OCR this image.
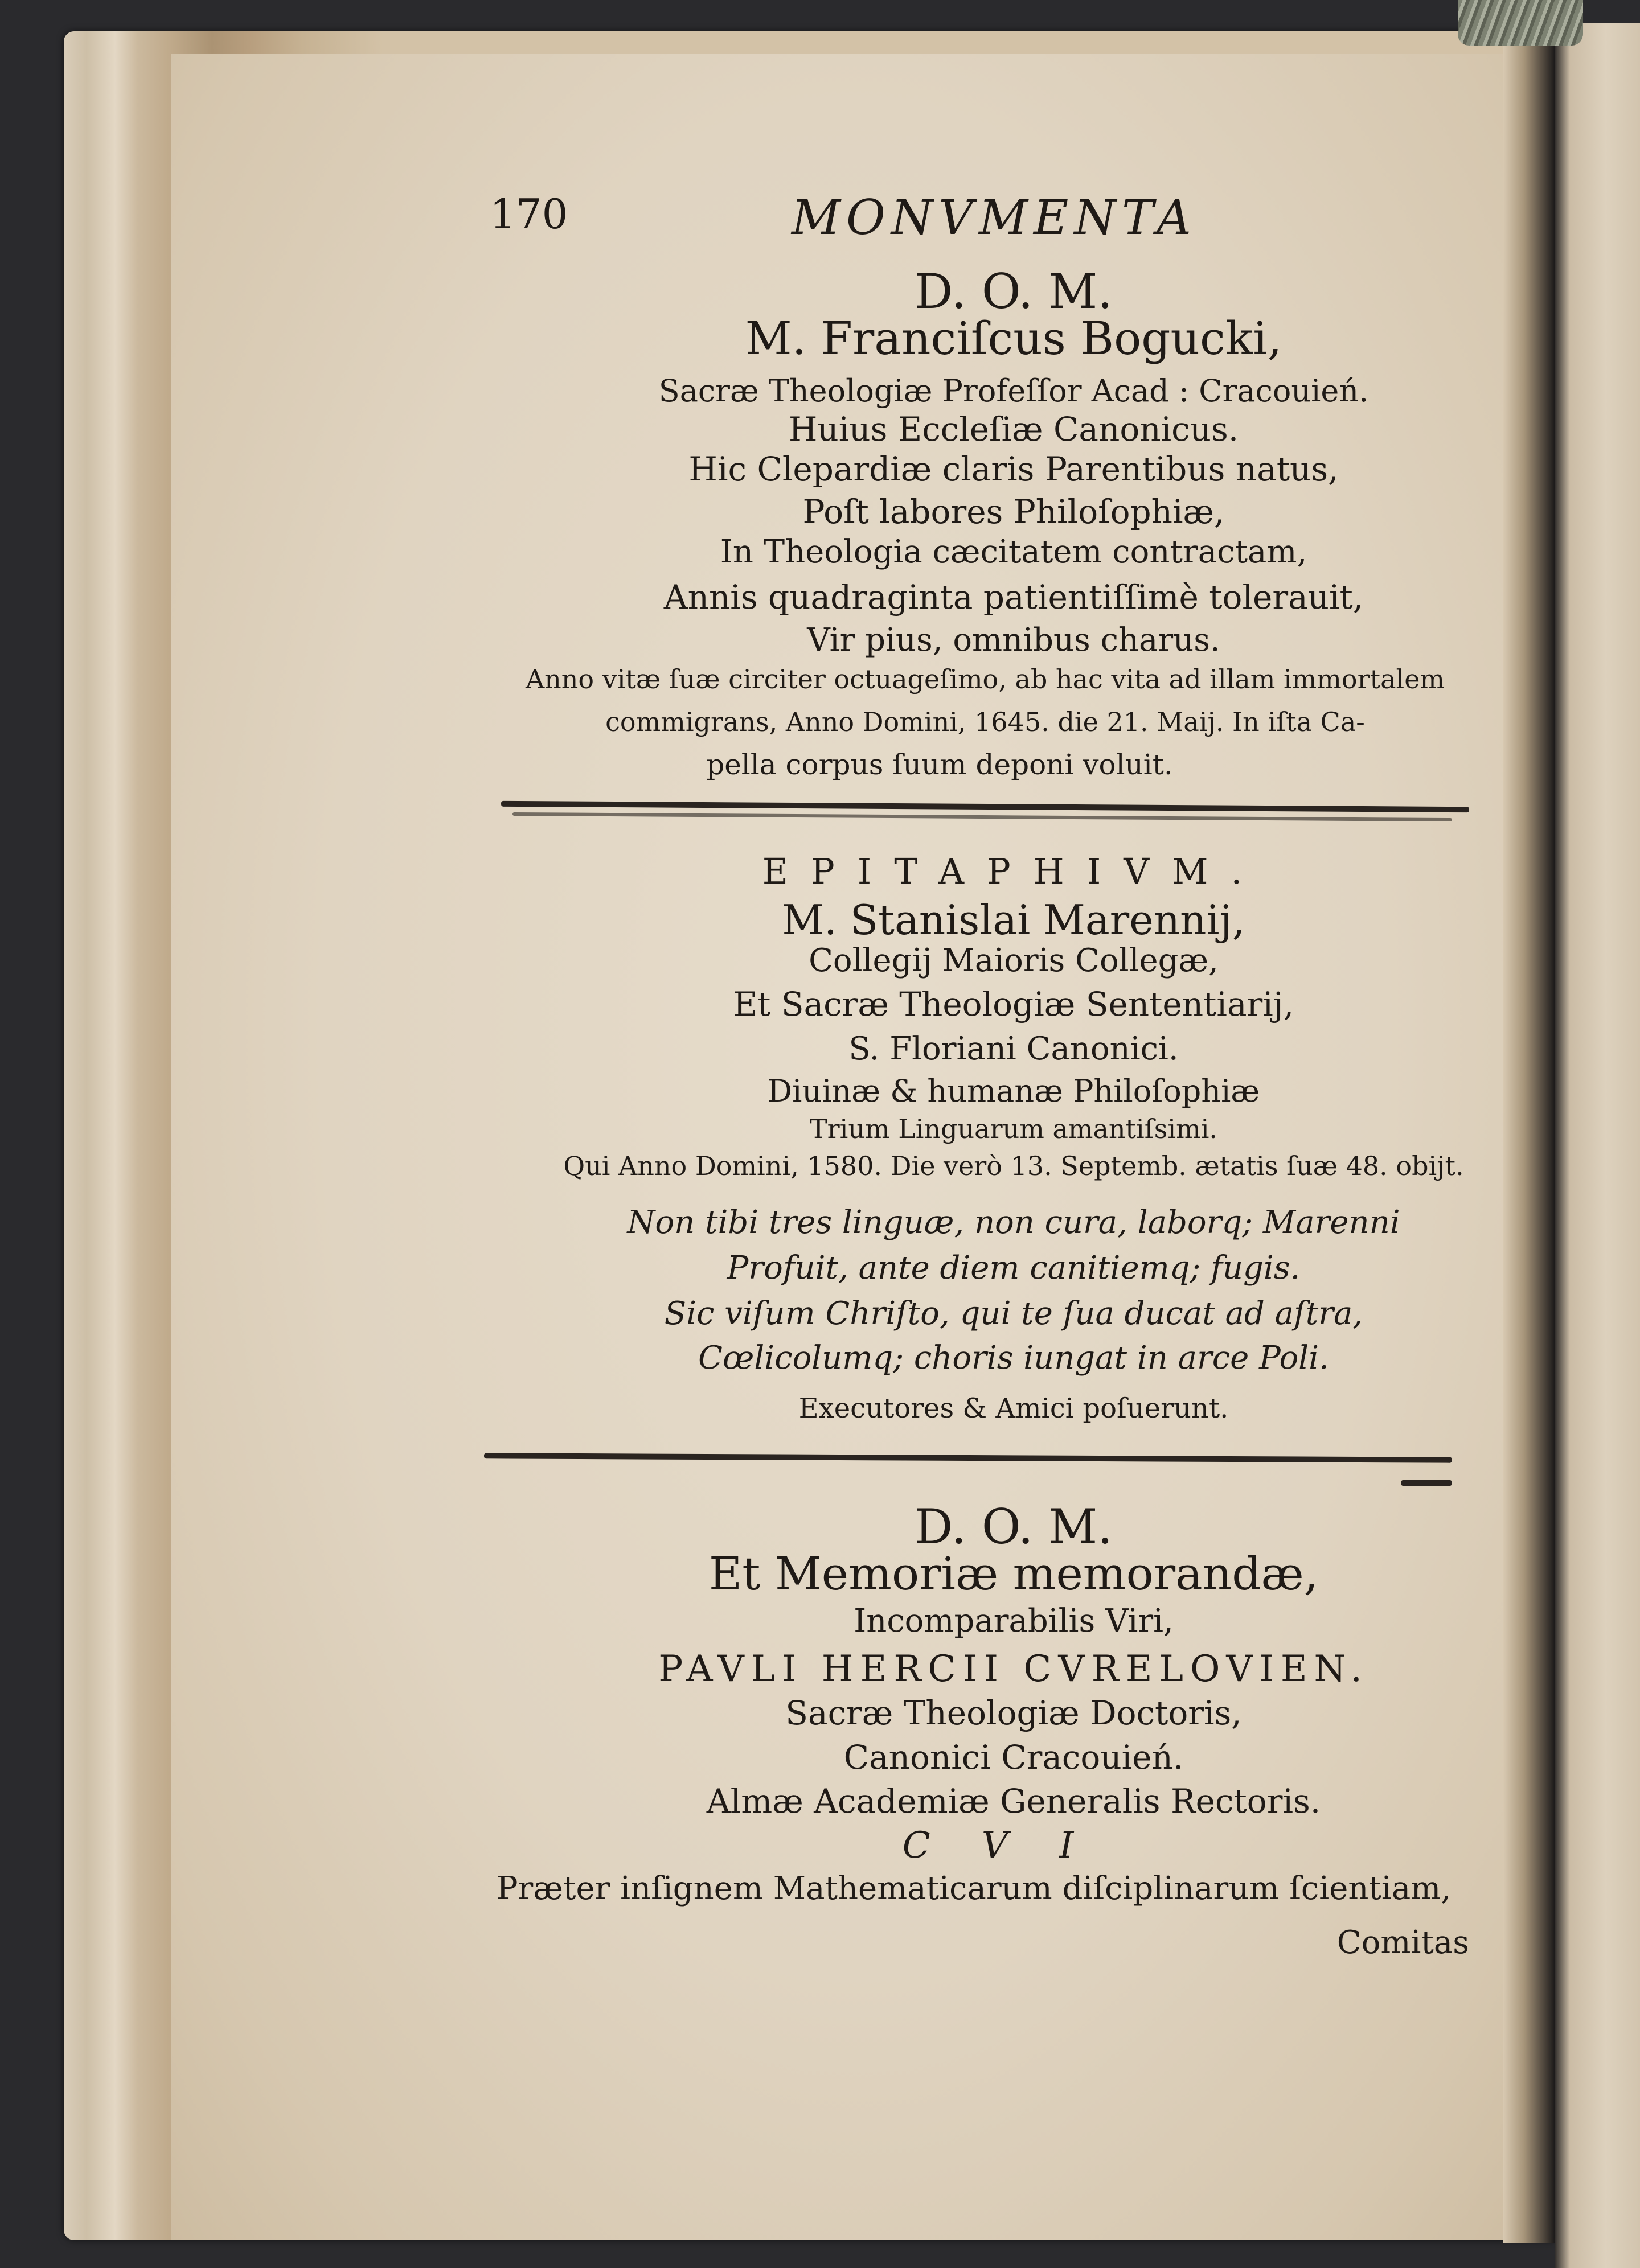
170	MONVMENTA
D. O. M.
M. Franciſcus Bogucki,
Sacræ Theologiæ Profeſſor Acad : Cracouień.
Huius Eccleſiæ Canonicus.
Hic Clepardiæ claris Parentibus natus,
Poſt labores Philoſophiæ,
In Theologia cæcitatem contractam,
Annis quadraginta patientiſſimè tolerauit,
Vir pius, omnibus charus.
Anno vitæ ſuæ circiter octuageſimo, ab hac vita ad illam immortalem
commigrans, Anno Domini, 1645. die 21. Maij. In iſta Ca-
pella corpus ſuum deponi voluit.
EPITAPHIVM.
M. Stanislai Marennij,
Collegij Maioris Collegæ,
Et Sacræ Theologiæ Sententiarij,
S. Floriani Canonici.
Diuinæ & humanæ Philoſophiæ
Trium Linguarum amantiſsimi.
Qui Anno Domini, 1580. Die verò 13. Septemb. ætatis ſuæ 48. obijt.
Non tibi tres linguæ, non cura, laborq; Marenni
Profuit, ante diem canitiemq; fugis.
Sic viſum Chriſto, qui te ſua ducat ad aſtra,
Cœlicolumq; choris iungat in arce Poli.
Executores & Amici poſuerunt.
D. O. M.
Et Memoriæ memorandæ,
Incomparabilis Viri,
PAVLI HERCII CVRELOVIEN.
Sacræ Theologiæ Doctoris,
Canonici Cracouień.
Almæ Academiæ Generalis Rectoris.
CVI
Præter inſignem Mathematicarum diſciplinarum ſcientiam,
Comitas
